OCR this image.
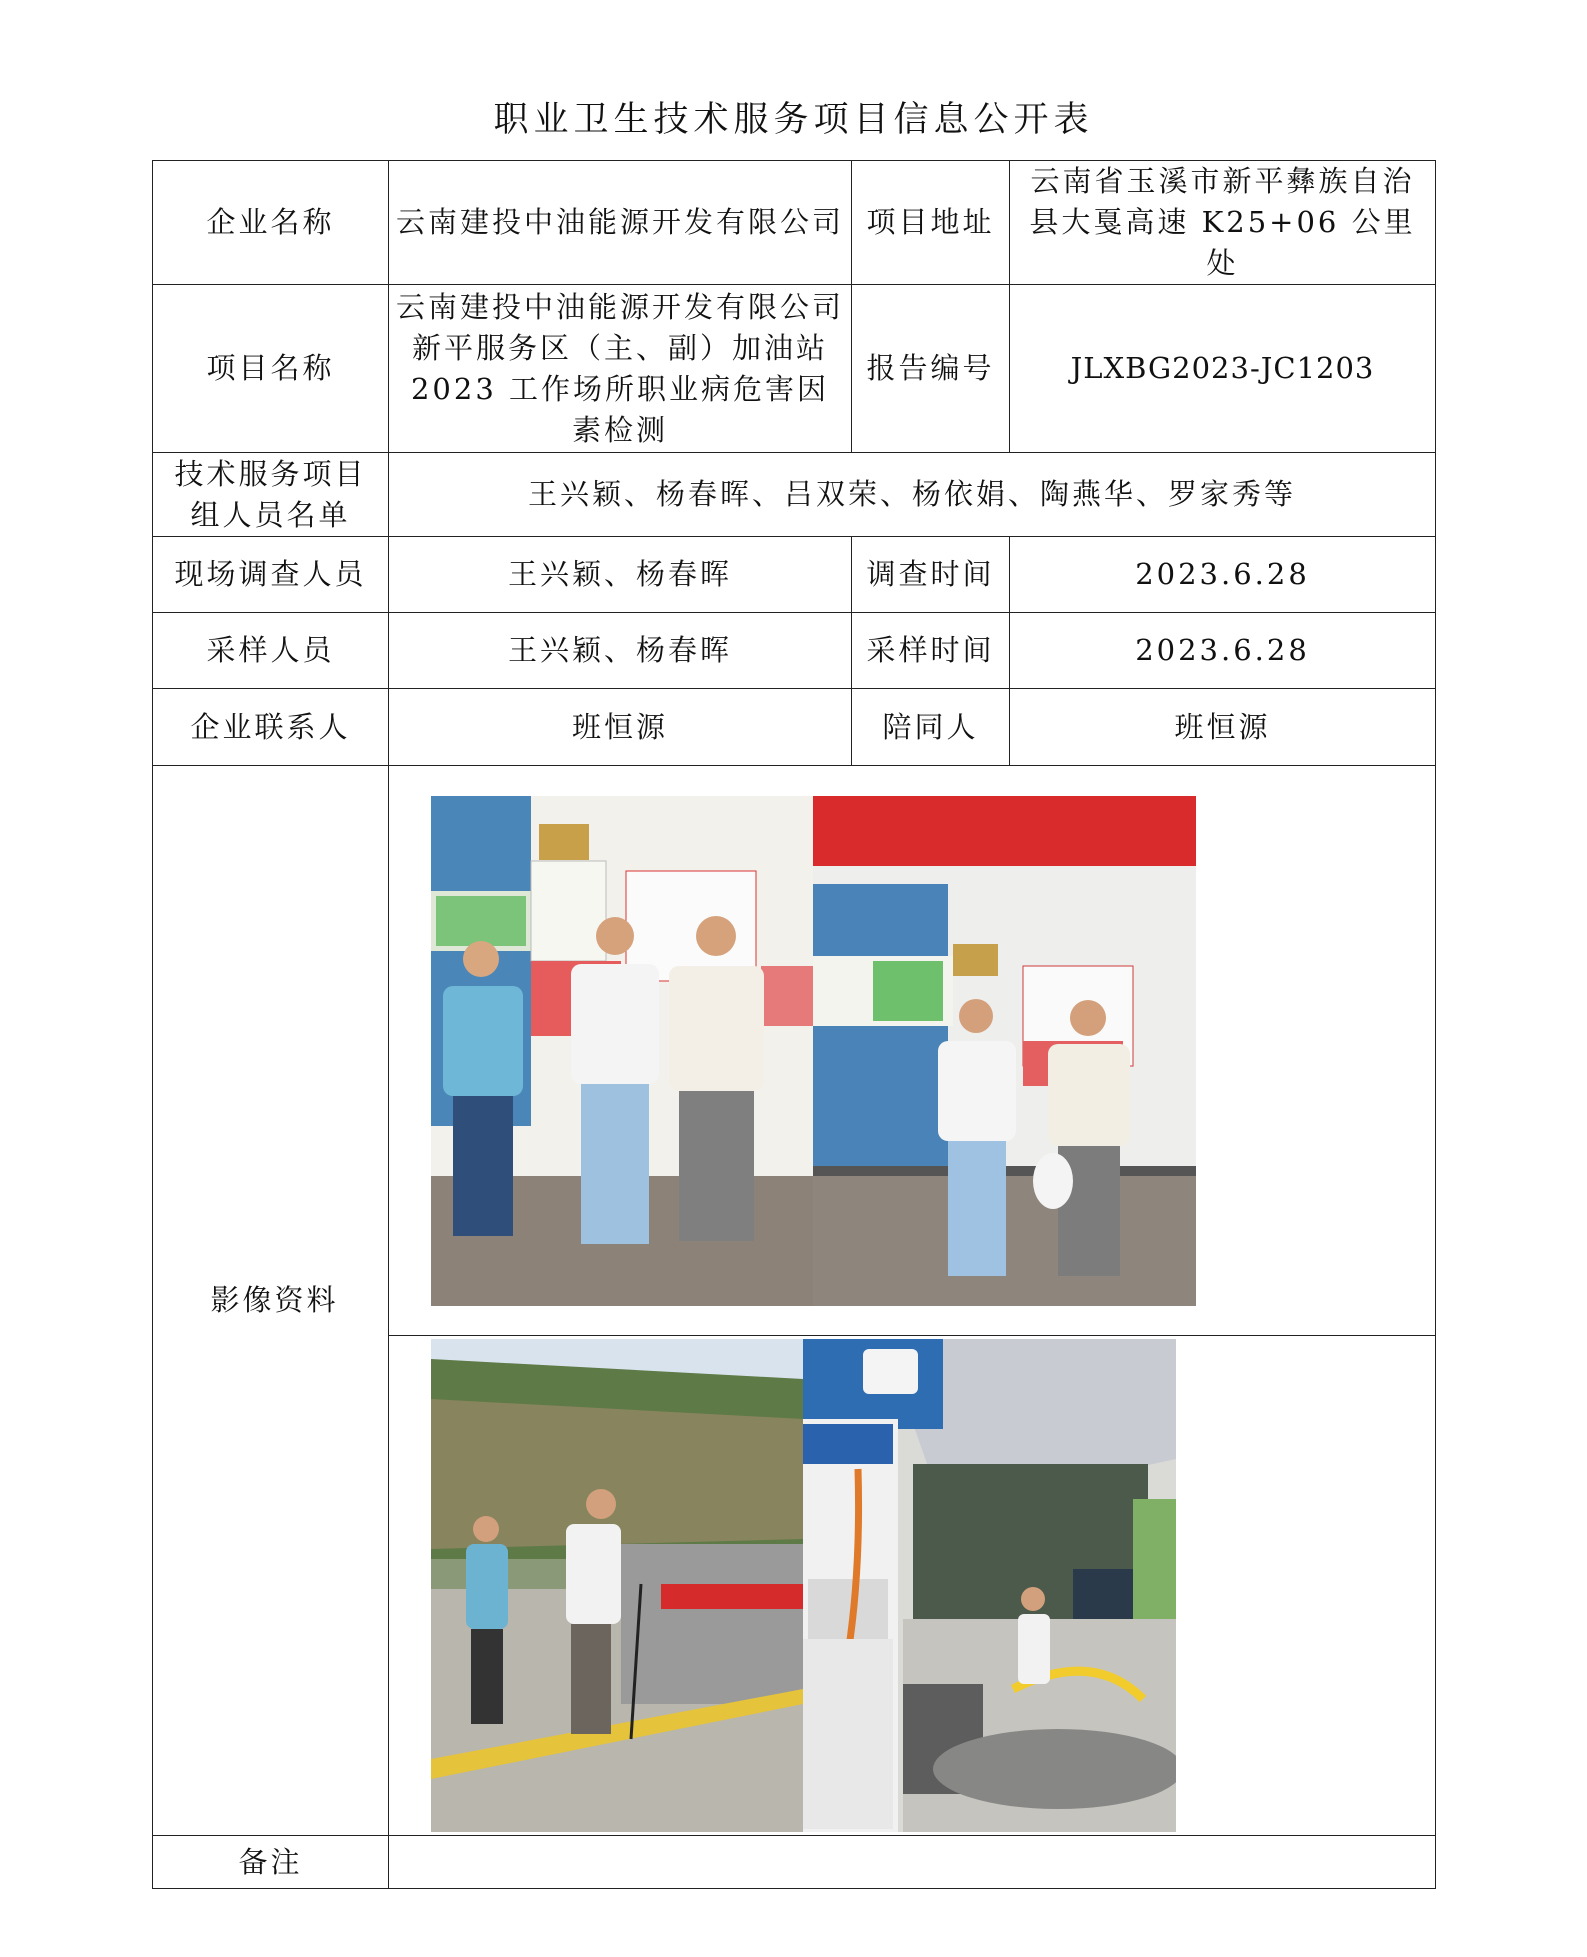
职业卫生技术服务项目信息公开表
企业名称	云南建投中油能源开发有限公司	项目地址	云南省玉溪市新平彝族自治县大戛高速 K25+06 公里处
项目名称	云南建投中油能源开发有限公司新平服务区（主、副）加油站 2023 工作场所职业病危害因素检测	报告编号	JLXBG2023-JC1203
技术服务项目组人员名单	王兴颖、杨春晖、吕双荣、杨依娟、陶燕华、罗家秀等		
现场调查人员	王兴颖、杨春晖	调查时间	2023.6.28
采样人员	王兴颖、杨春晖	采样时间	2023.6.28
企业联系人	班恒源	陪同人	班恒源
影像资料	

备注			
